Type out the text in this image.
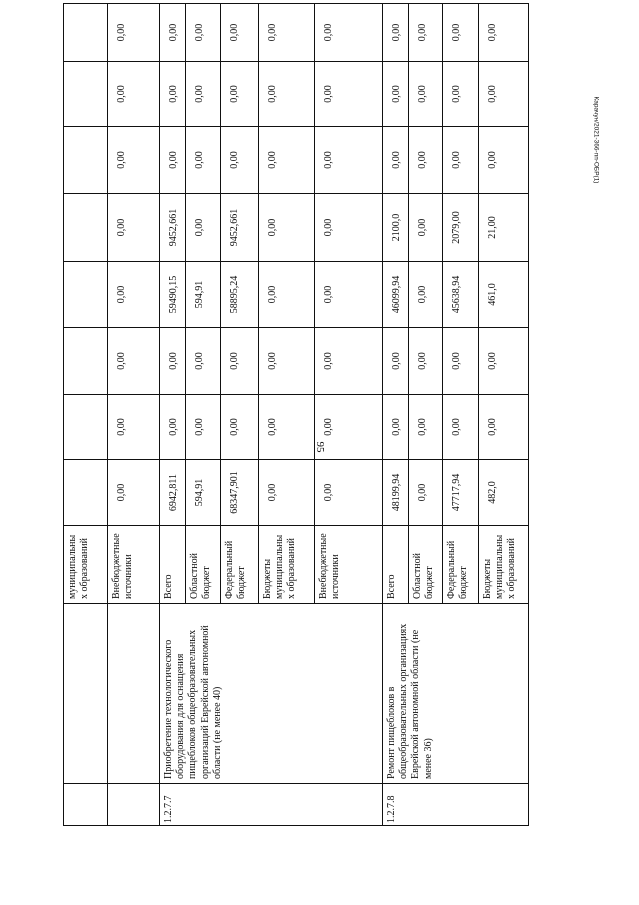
95
Карачун/2021-366-пп-ОБР(1)
		муниципальны х образований								
		Внебюджетные источники	0,00	0,00	0,00	0,00	0,00	0,00	0,00	0,00
1.2.7.7	Приобретение технологического оборудования для оснащения пищеблоков общеобразовательных организаций Еврейской автономной области (не менее 40)	Всего	6942,811	0,00	0,00	59490,15	9452,661	0,00	0,00	0,00
		Областной бюджет	594,91	0,00	0,00	594,91	0,00	0,00	0,00	0,00
		Федеральный бюджет	68347,901	0,00	0,00	58895,24	9452,661	0,00	0,00	0,00
		Бюджеты муниципальны х образований	0,00	0,00	0,00	0,00	0,00	0,00	0,00	0,00
		Внебюджетные источники	0,00	0,00	0,00	0,00	0,00	0,00	0,00	0,00
1.2.7.8	Ремонт пищеблоков в общеобразовательных организациях Еврейской автономной области (не менее 36)	Всего	48199,94	0,00	0,00	46099,94	2100,0	0,00	0,00	0,00
		Областной бюджет	0,00	0,00	0,00	0,00	0,00	0,00	0,00	0,00
		Федеральный бюджет	47717,94	0,00	0,00	45638,94	2079,00	0,00	0,00	0,00
		Бюджеты муниципальны х образований	482,0	0,00	0,00	461,0	21,00	0,00	0,00	0,00
